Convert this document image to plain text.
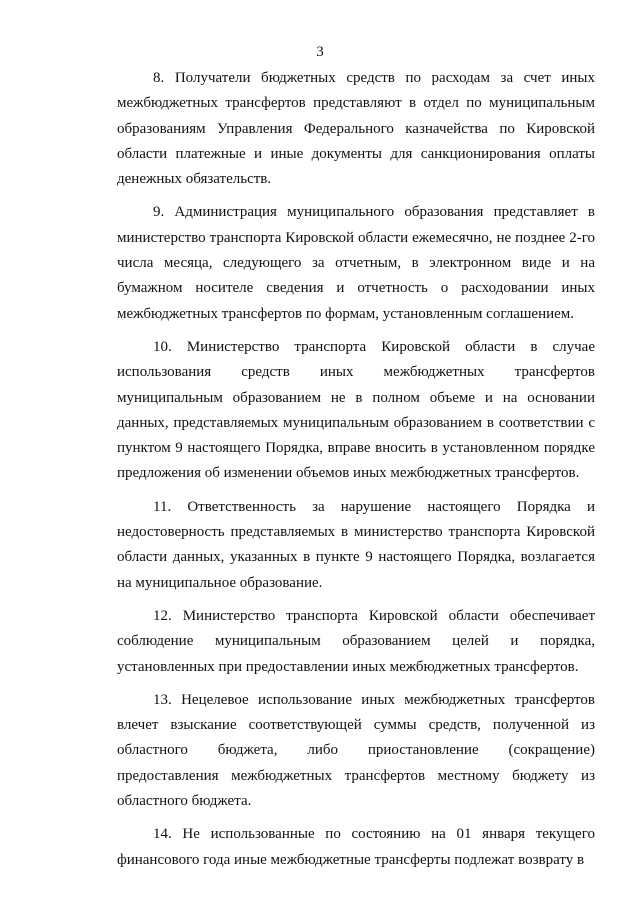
3

8. Получатели бюджетных средств по расходам за счет иных межбюджетных трансфертов представляют в отдел по муниципальным образованиям Управления Федерального казначейства по Кировской области платежные и иные документы для санкционирования оплаты денежных обязательств.

9. Администрация муниципального образования представляет в министерство транспорта Кировской области ежемесячно, не позднее 2-го числа месяца, следующего за отчетным, в электронном виде и на бумажном носителе сведения и отчетность о расходовании иных межбюджетных трансфертов по формам, установленным соглашением.

10. Министерство транспорта Кировской области в случае использования средств иных межбюджетных трансфертов муниципальным образованием не в полном объеме и на основании данных, представляемых муниципальным образованием в соответствии с пунктом 9 настоящего Порядка, вправе вносить в установленном порядке предложения об изменении объемов иных межбюджетных трансфертов.

11. Ответственность за нарушение настоящего Порядка и недостоверность представляемых в министерство транспорта Кировской области данных, указанных в пункте 9 настоящего Порядка, возлагается на муниципальное образование.

12. Министерство транспорта Кировской области обеспечивает соблюдение муниципальным образованием целей и порядка, установленных при предоставлении иных межбюджетных трансфертов.

13. Нецелевое использование иных межбюджетных трансфертов влечет взыскание соответствующей суммы средств, полученной из областного бюджета, либо приостановление (сокращение) предоставления межбюджетных трансфертов местному бюджету из областного бюджета.

14. Не использованные по состоянию на 01 января текущего финансового года иные межбюджетные трансферты подлежат возврату в
